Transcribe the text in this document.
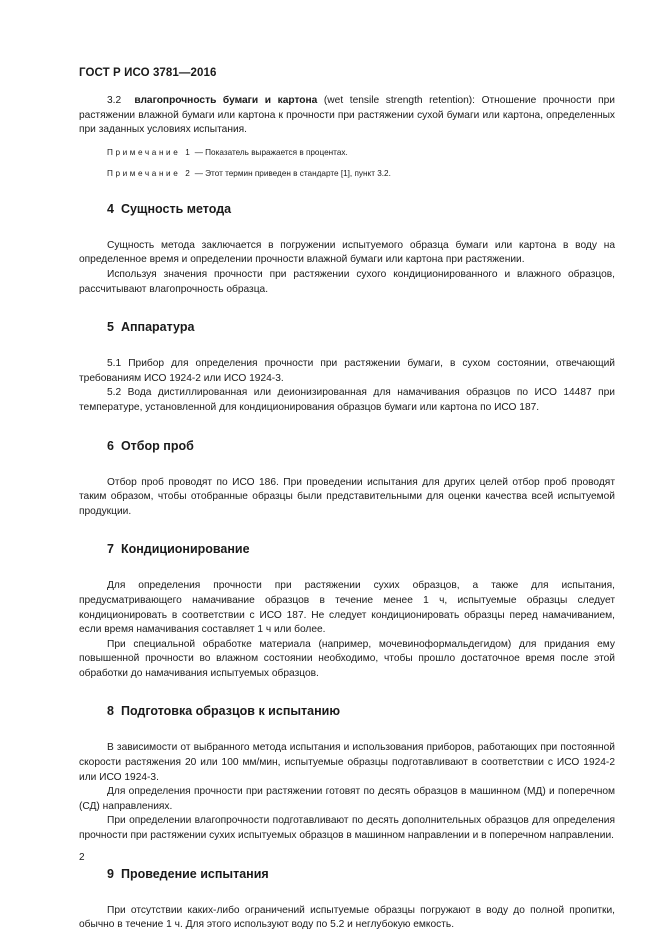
ГОСТ Р ИСО 3781—2016

3.2 влагопрочность бумаги и картона (wet tensile strength retention): Отношение прочности при растяжении влажной бумаги или картона к прочности при растяжении сухой бумаги или картона, определенных при заданных условиях испытания.

Примечание 1 — Показатель выражается в процентах.

Примечание 2 — Этот термин приведен в стандарте [1], пункт 3.2.

4 Сущность метода

Сущность метода заключается в погружении испытуемого образца бумаги или картона в воду на определенное время и определении прочности влажной бумаги или картона при растяжении.

Используя значения прочности при растяжении сухого кондиционированного и влажного образцов, рассчитывают влагопрочность образца.

5 Аппаратура

5.1 Прибор для определения прочности при растяжении бумаги, в сухом состоянии, отвечающий требованиям ИСО 1924-2 или ИСО 1924-3.

5.2 Вода дистиллированная или деионизированная для намачивания образцов по ИСО 14487 при температуре, установленной для кондиционирования образцов бумаги или картона по ИСО 187.

6 Отбор проб

Отбор проб проводят по ИСО 186. При проведении испытания для других целей отбор проб проводят таким образом, чтобы отобранные образцы были представительными для оценки качества всей испытуемой продукции.

7 Кондиционирование

Для определения прочности при растяжении сухих образцов, а также для испытания, предусматривающего намачивание образцов в течение менее 1 ч, испытуемые образцы следует кондиционировать в соответствии с ИСО 187. Не следует кондиционировать образцы перед намачиванием, если время намачивания составляет 1 ч или более.

При специальной обработке материала (например, мочевиноформальдегидом) для придания ему повышенной прочности во влажном состоянии необходимо, чтобы прошло достаточное время после этой обработки до намачивания испытуемых образцов.

8 Подготовка образцов к испытанию

В зависимости от выбранного метода испытания и использования приборов, работающих при постоянной скорости растяжения 20 или 100 мм/мин, испытуемые образцы подготавливают в соответствии с ИСО 1924-2 или ИСО 1924-3.

Для определения прочности при растяжении готовят по десять образцов в машинном (МД) и поперечном (СД) направлениях.

При определении влагопрочности подготавливают по десять дополнительных образцов для определения прочности при растяжении сухих испытуемых образцов в машинном направлении и в поперечном направлении.

9 Проведение испытания

При отсутствии каких-либо ограничений испытуемые образцы погружают в воду до полной пропитки, обычно в течение 1 ч. Для этого используют воду по 5.2 и неглубокую емкость.

2
